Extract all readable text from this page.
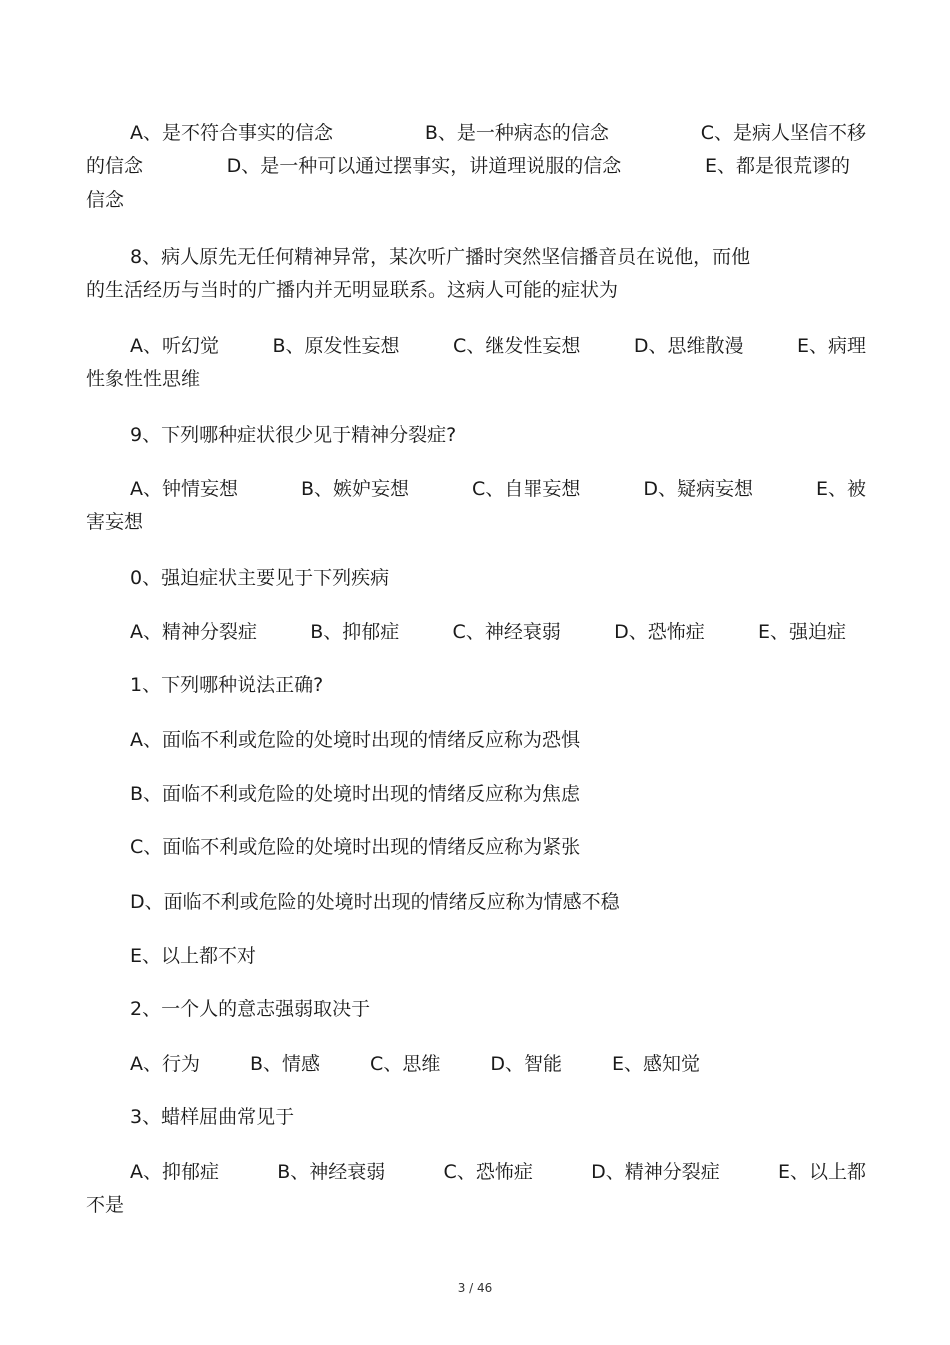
A、是不符合事实的信念	B、是一种病态的信念	C、是病人坚信不移
的信念	D、是一种可以通过摆事实，讲道理说服的信念	E、都是很荒谬的
信念
8、病人原先无任何精神异常，某次听广播时突然坚信播音员在说他，而他
的生活经历与当时的广播内并无明显联系。这病人可能的症状为
A、听幻觉	B、原发性妄想	C、继发性妄想	D、思维散漫	E、病理
性象性性思维
9、下列哪种症状很少见于精神分裂症?
A、钟情妄想	B、嫉妒妄想	C、自罪妄想	D、疑病妄想	E、被
害妄想
0、强迫症状主要见于下列疾病
A、精神分裂症	B、抑郁症	C、神经衰弱	D、恐怖症	E、强迫症
1、下列哪种说法正确?
A、面临不利或危险的处境时出现的情绪反应称为恐惧
B、面临不利或危险的处境时出现的情绪反应称为焦虑
C、面临不利或危险的处境时出现的情绪反应称为紧张
D、面临不利或危险的处境时出现的情绪反应称为情感不稳
E、以上都不对
2、一个人的意志强弱取决于
A、行为	B、情感	C、思维	D、智能	E、感知觉
3、蜡样屈曲常见于
A、抑郁症	B、神经衰弱	C、恐怖症	D、精神分裂症	E、以上都
不是
3 / 46
